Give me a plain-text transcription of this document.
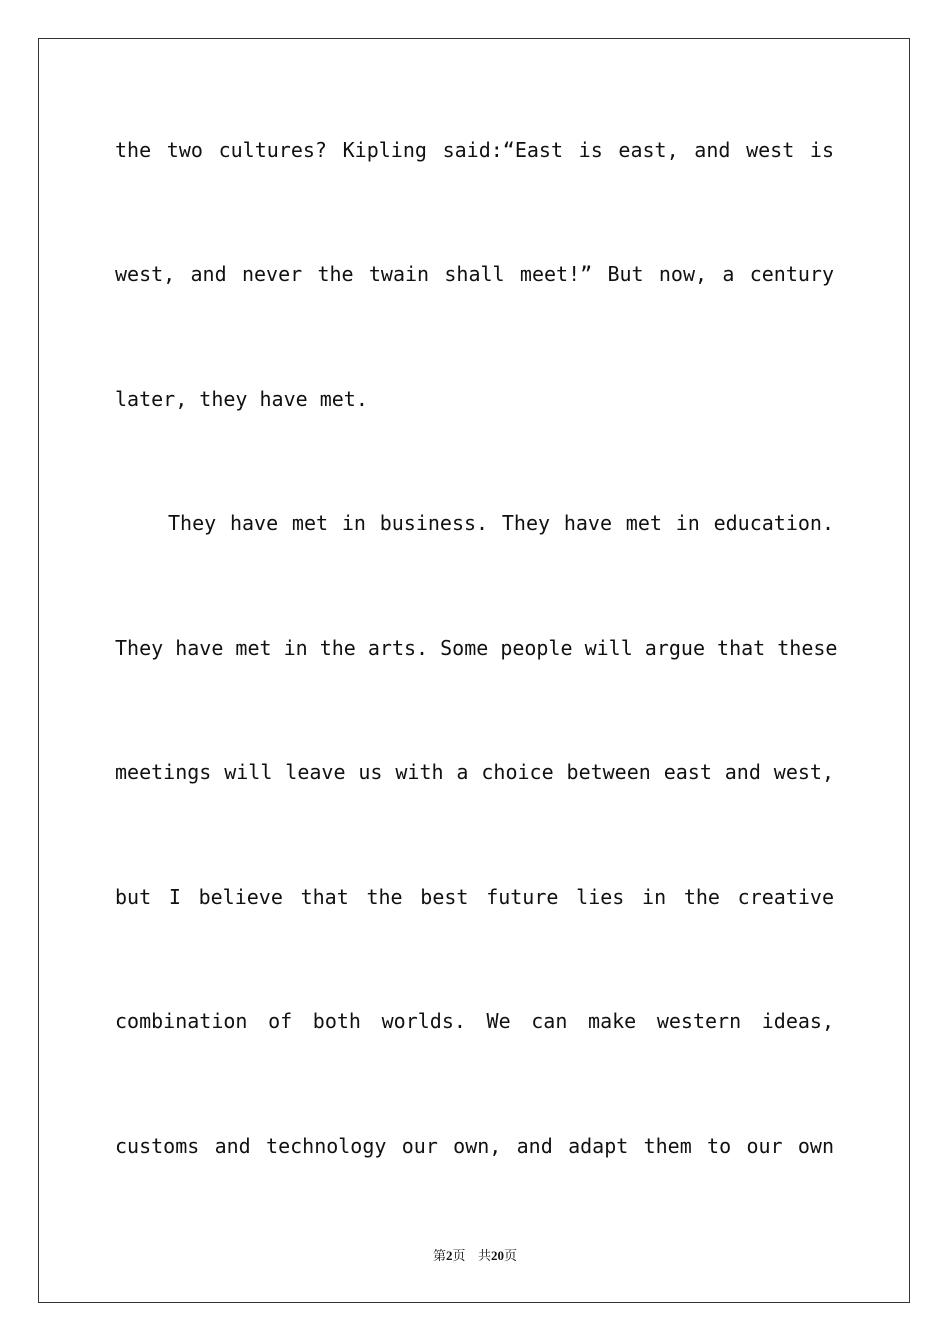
the two cultures? Kipling said:“East is east, and west is
west, and never the twain shall meet!” But now, a century
later, they have met.
They have met in business. They have met in education.
They have met in the arts. Some people will argue that these
meetings will leave us with a choice between east and west,
but I believe that the best future lies in the creative
combination of both worlds. We can make western ideas,
customs and technology our own, and adapt them to our own
第2页 共20页
